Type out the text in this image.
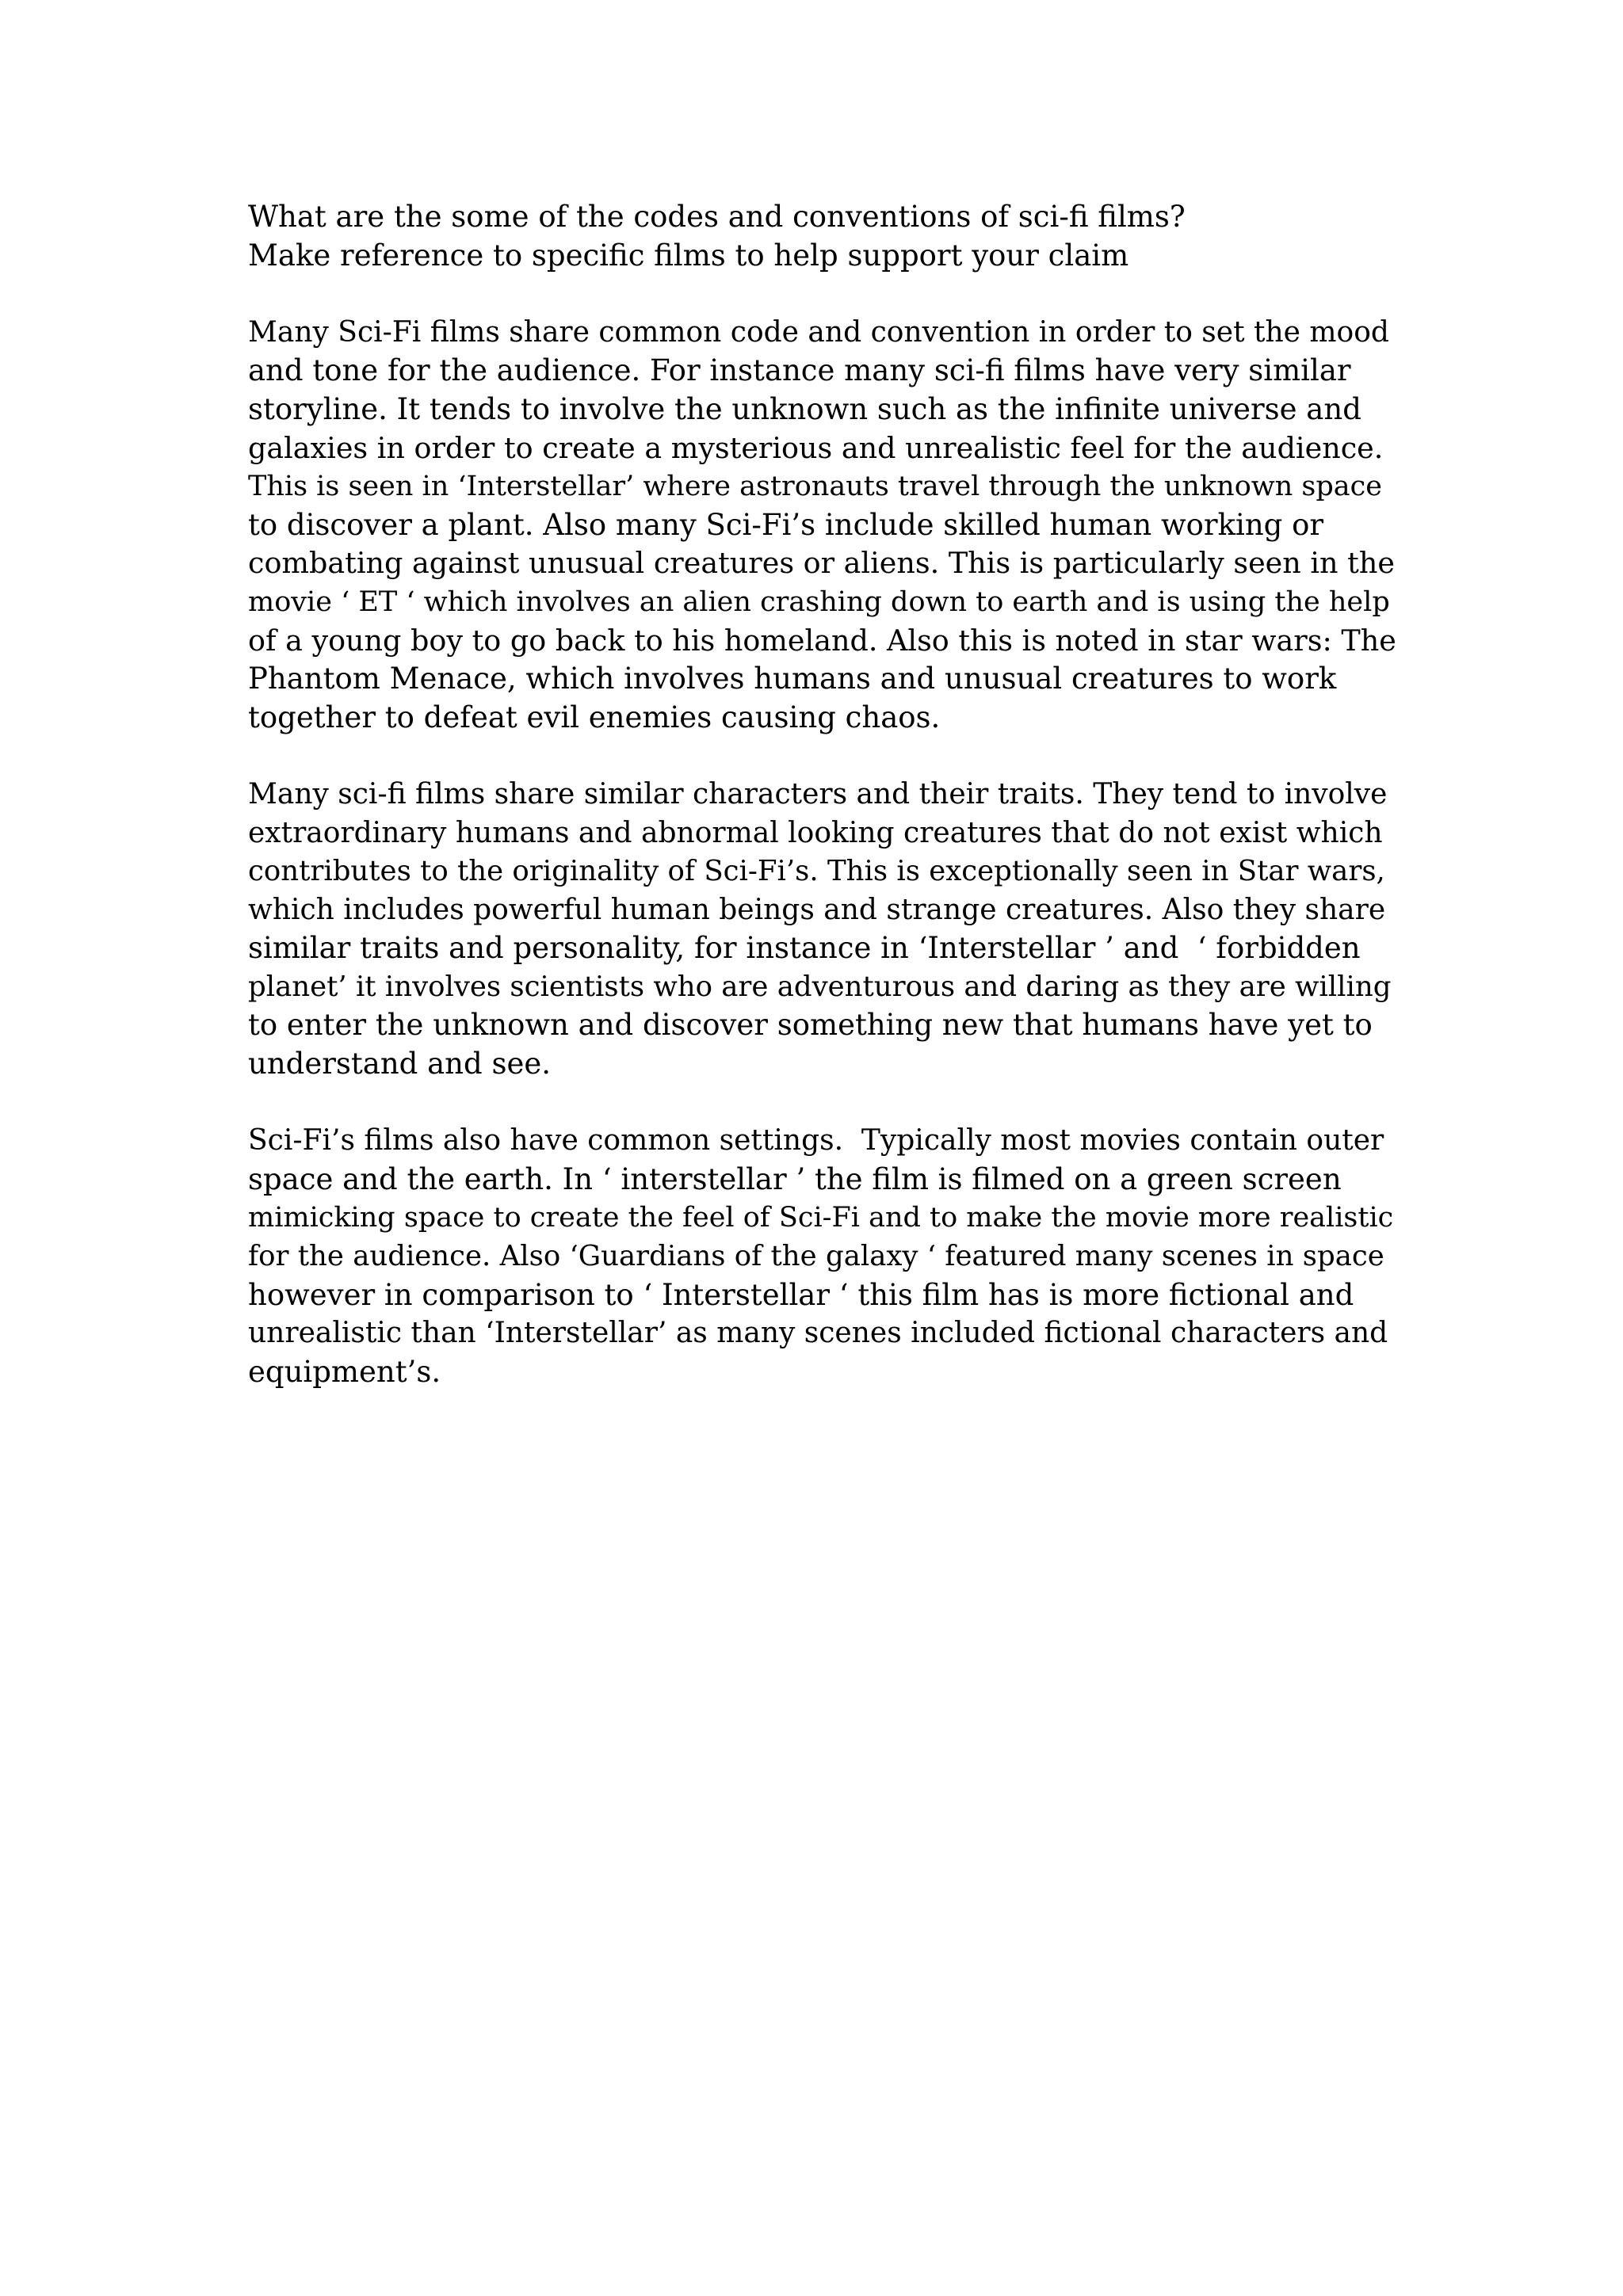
What are the some of the codes and conventions of sci-fi films?
Make reference to specific films to help support your claim
Many Sci-Fi films share common code and convention in order to set the mood
and tone for the audience. For instance many sci-fi films have very similar
storyline. It tends to involve the unknown such as the infinite universe and
galaxies in order to create a mysterious and unrealistic feel for the audience.
This is seen in ‘Interstellar’ where astronauts travel through the unknown space
to discover a plant. Also many Sci-Fi’s include skilled human working or
combating against unusual creatures or aliens. This is particularly seen in the
movie ‘ ET ‘ which involves an alien crashing down to earth and is using the help
of a young boy to go back to his homeland. Also this is noted in star wars: The
Phantom Menace, which involves humans and unusual creatures to work
together to defeat evil enemies causing chaos.
Many sci-fi films share similar characters and their traits. They tend to involve
extraordinary humans and abnormal looking creatures that do not exist which
contributes to the originality of Sci-Fi’s. This is exceptionally seen in Star wars,
which includes powerful human beings and strange creatures. Also they share
similar traits and personality, for instance in ‘Interstellar ’ and  ‘ forbidden
planet’ it involves scientists who are adventurous and daring as they are willing
to enter the unknown and discover something new that humans have yet to
understand and see.
Sci-Fi’s films also have common settings.  Typically most movies contain outer
space and the earth. In ‘ interstellar ’ the film is filmed on a green screen
mimicking space to create the feel of Sci-Fi and to make the movie more realistic
for the audience. Also ‘Guardians of the galaxy ‘ featured many scenes in space
however in comparison to ‘ Interstellar ‘ this film has is more fictional and
unrealistic than ‘Interstellar’ as many scenes included fictional characters and
equipment’s.
